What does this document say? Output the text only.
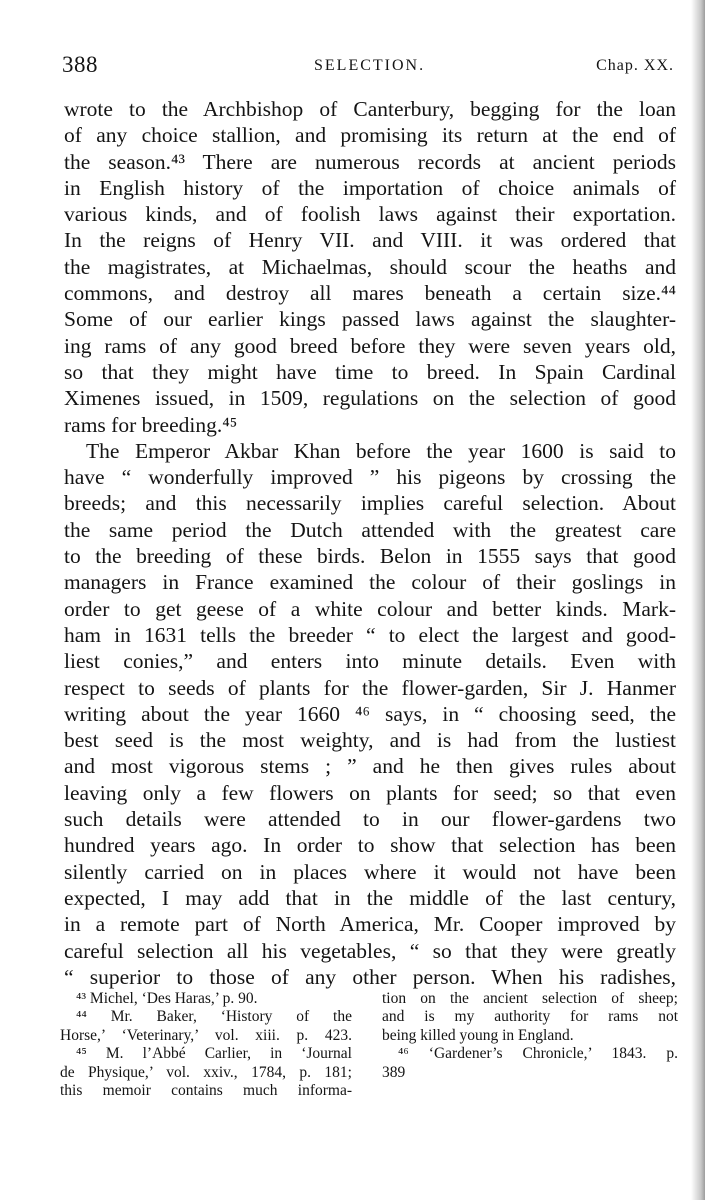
388	SELECTION.	Chap. XX.
wrote to the Archbishop of Canterbury, begging for the loan
of any choice stallion, and promising its return at the end of
the season.⁴³ There are numerous records at ancient periods
in English history of the importation of choice animals of
various kinds, and of foolish laws against their exportation.
In the reigns of Henry VII. and VIII. it was ordered that
the magistrates, at Michaelmas, should scour the heaths and
commons, and destroy all mares beneath a certain size.⁴⁴
Some of our earlier kings passed laws against the slaughter-
ing rams of any good breed before they were seven years old,
so that they might have time to breed. In Spain Cardinal
Ximenes issued, in 1509, regulations on the selection of good
rams for breeding.⁴⁵
The Emperor Akbar Khan before the year 1600 is said to
have “ wonderfully improved ” his pigeons by crossing the
breeds; and this necessarily implies careful selection. About
the same period the Dutch attended with the greatest care
to the breeding of these birds. Belon in 1555 says that good
managers in France examined the colour of their goslings in
order to get geese of a white colour and better kinds. Mark-
ham in 1631 tells the breeder “ to elect the largest and good-
liest conies,” and enters into minute details. Even with
respect to seeds of plants for the flower-garden, Sir J. Hanmer
writing about the year 1660 ⁴⁶ says, in “ choosing seed, the
best seed is the most weighty, and is had from the lustiest
and most vigorous stems ; ” and he then gives rules about
leaving only a few flowers on plants for seed; so that even
such details were attended to in our flower-gardens two
hundred years ago. In order to show that selection has been
silently carried on in places where it would not have been
expected, I may add that in the middle of the last century,
in a remote part of North America, Mr. Cooper improved by
careful selection all his vegetables, “ so that they were greatly
“ superior to those of any other person. When his radishes,
⁴³ Michel, ‘Des Haras,’ p. 90.
⁴⁴ Mr. Baker, ‘History of the
Horse,’ ‘Veterinary,’ vol. xiii. p. 423.
⁴⁵ M. l’Abbé Carlier, in ‘Journal
de Physique,’ vol. xxiv., 1784, p. 181;
this memoir contains much informa-
tion on the ancient selection of sheep;
and is my authority for rams not
being killed young in England.
⁴⁶ ‘Gardener’s Chronicle,’ 1843. p.
389
